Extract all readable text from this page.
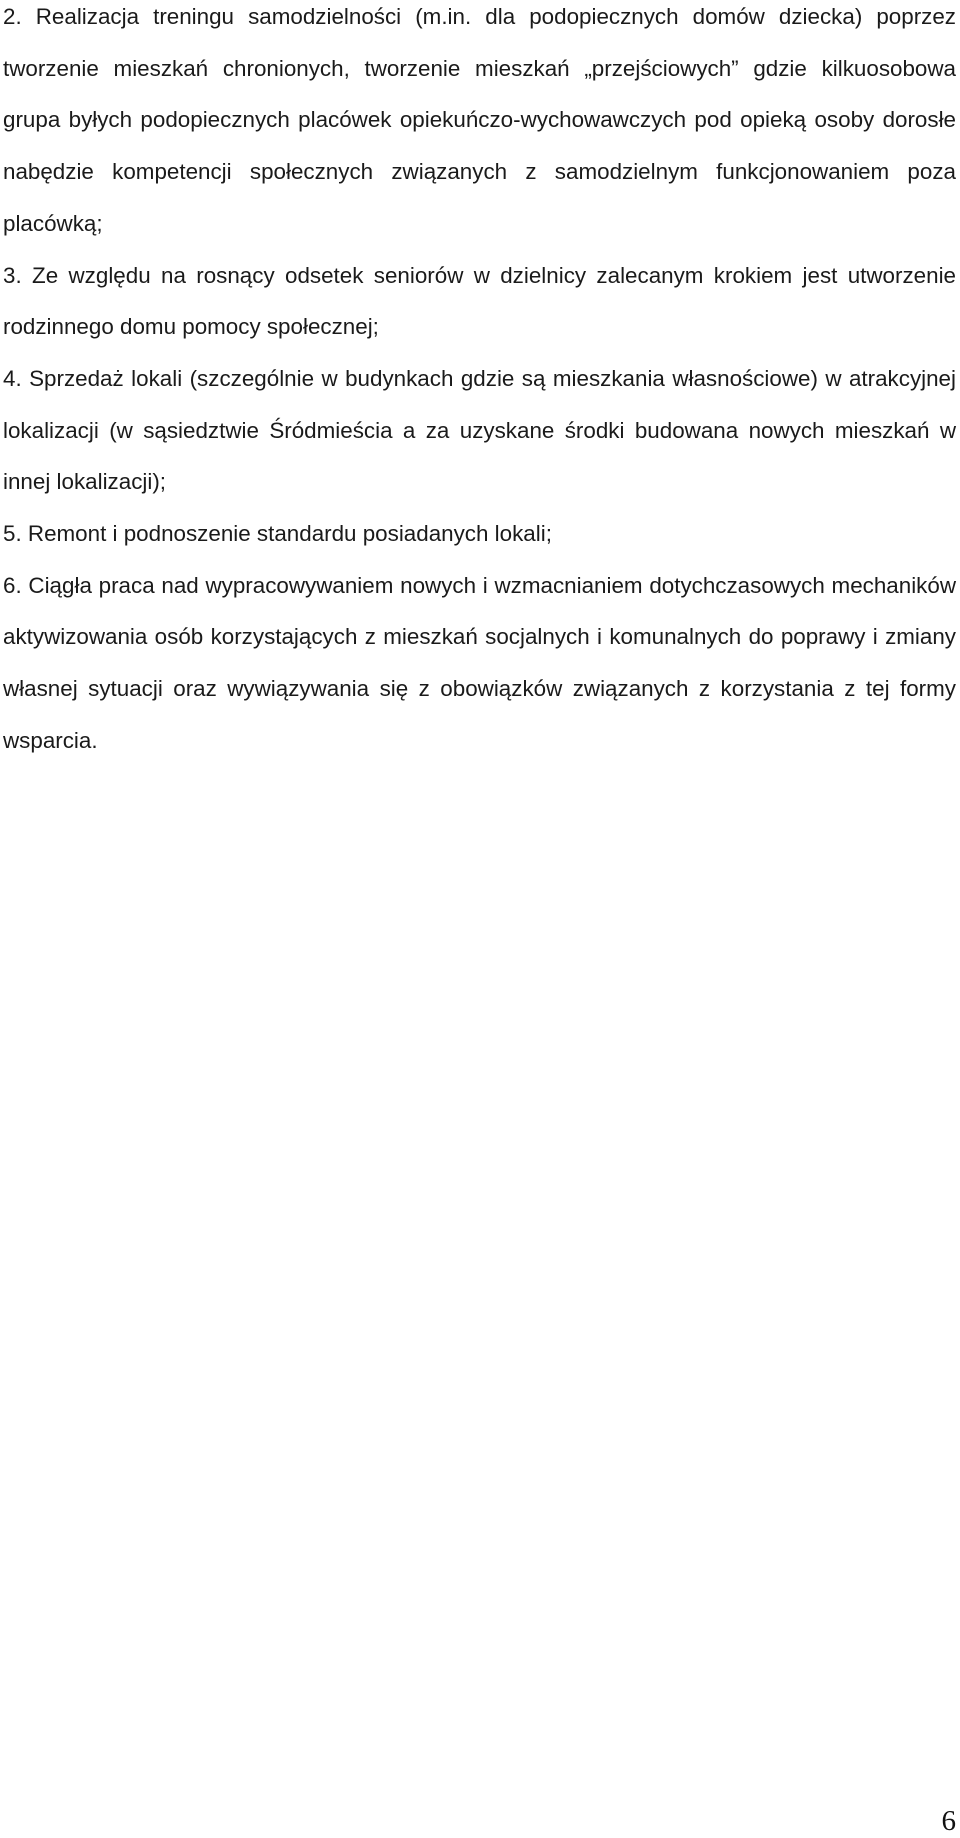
2. Realizacja treningu samodzielności (m.in. dla podopiecznych domów dziecka) poprzez tworzenie mieszkań chronionych, tworzenie mieszkań „przejściowych” gdzie kilkuosobowa grupa byłych podopiecznych placówek opiekuńczo-wychowawczych pod opieką osoby dorosłe nabędzie kompetencji społecznych związanych z samodzielnym funkcjonowaniem poza placówką;

3. Ze względu na rosnący odsetek seniorów w dzielnicy zalecanym krokiem jest utworzenie rodzinnego domu pomocy społecznej;

4. Sprzedaż lokali (szczególnie w budynkach gdzie są mieszkania własnościowe) w atrakcyjnej lokalizacji (w sąsiedztwie Śródmieścia a za uzyskane środki budowana nowych mieszkań w innej lokalizacji);

5. Remont i podnoszenie standardu posiadanych lokali;

6. Ciągła praca nad wypracowywaniem nowych i wzmacnianiem dotychczasowych mechaników aktywizowania osób korzystających z mieszkań socjalnych i komunalnych do poprawy i zmiany własnej sytuacji oraz wywiązywania się z obowiązków związanych z korzystania z tej formy wsparcia.

6
